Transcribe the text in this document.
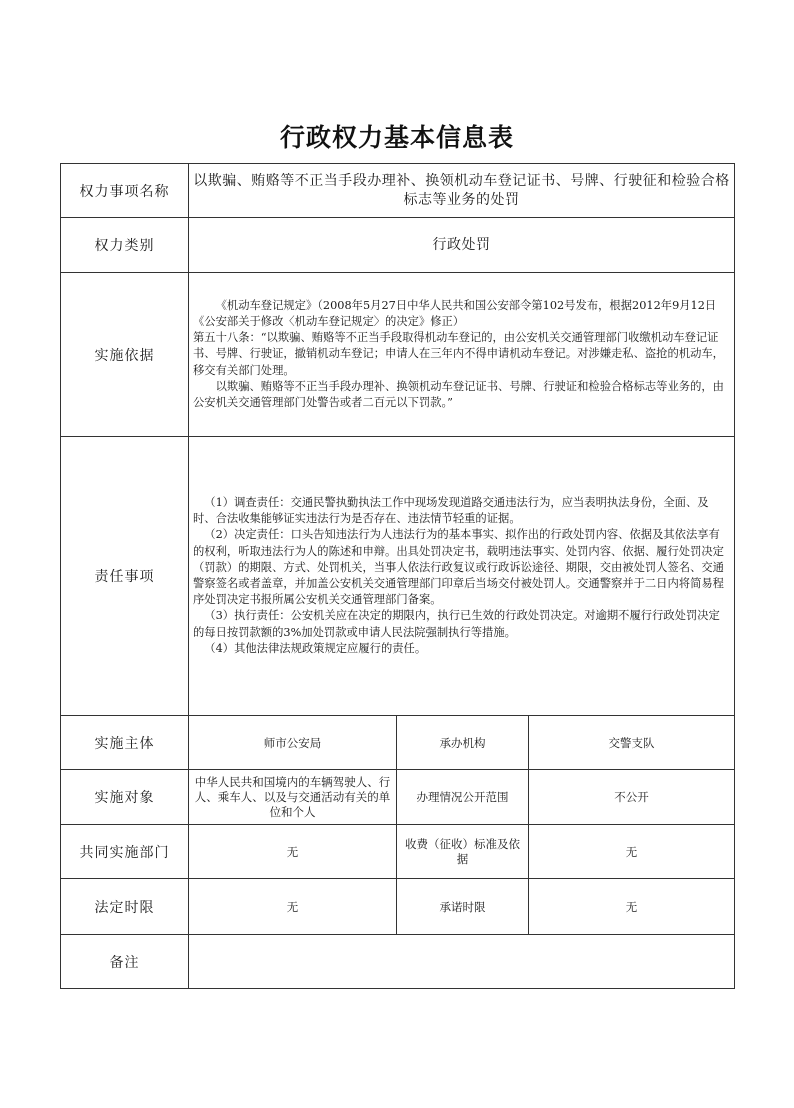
行政权力基本信息表
权力事项名称	以欺骗、贿赂等不正当手段办理补、换领机动车登记证书、号牌、行驶征和检验合格标志等业务的处罚		
权力类别	行政处罚		
实施依据	《机动车登记规定》（2008年5月27日中华人民共和国公安部令第102号发布，根据2012年9月12日《公安部关于修改〈机动车登记规定〉的决定》修正）

第五十八条：“以欺骗、贿赂等不正当手段取得机动车登记的，由公安机关交通管理部门收缴机动车登记证书、号牌、行驶证，撤销机动车登记；申请人在三年内不得申请机动车登记。对涉嫌走私、盗抢的机动车，移交有关部门处理。

以欺骗、贿赂等不正当手段办理补、换领机动车登记证书、号牌、行驶证和检验合格标志等业务的，由公安机关交通管理部门处警告或者二百元以下罚款。”		

责任事项	（1）调查责任：交通民警执勤执法工作中现场发现道路交通违法行为，应当表明执法身份，全面、及时、合法收集能够证实违法行为是否存在、违法情节轻重的证据。

（2）决定责任：口头告知违法行为人违法行为的基本事实、拟作出的行政处罚内容、依据及其依法享有的权利，听取违法行为人的陈述和申辩。出具处罚决定书，载明违法事实、处罚内容、依据、履行处罚决定（罚款）的期限、方式、处罚机关，当事人依法行政复议或行政诉讼途径、期限，交由被处罚人签名、交通警察签名或者盖章，并加盖公安机关交通管理部门印章后当场交付被处罚人。交通警察并于二日内将简易程序处罚决定书报所属公安机关交通管理部门备案。

（3）执行责任：公安机关应在决定的期限内，执行已生效的行政处罚决定。对逾期不履行行政处罚决定的每日按罚款额的3%加处罚款或申请人民法院强制执行等措施。

（4）其他法律法规政策规定应履行的责任。		

实施主体	师市公安局	承办机构	交警支队
实施对象	中华人民共和国境内的车辆驾驶人、行人、乘车人、以及与交通活动有关的单位和个人	办理情况公开范围	不公开
共同实施部门	无	收费（征收）标准及依据	无
法定时限	无	承诺时限	无
备注			
